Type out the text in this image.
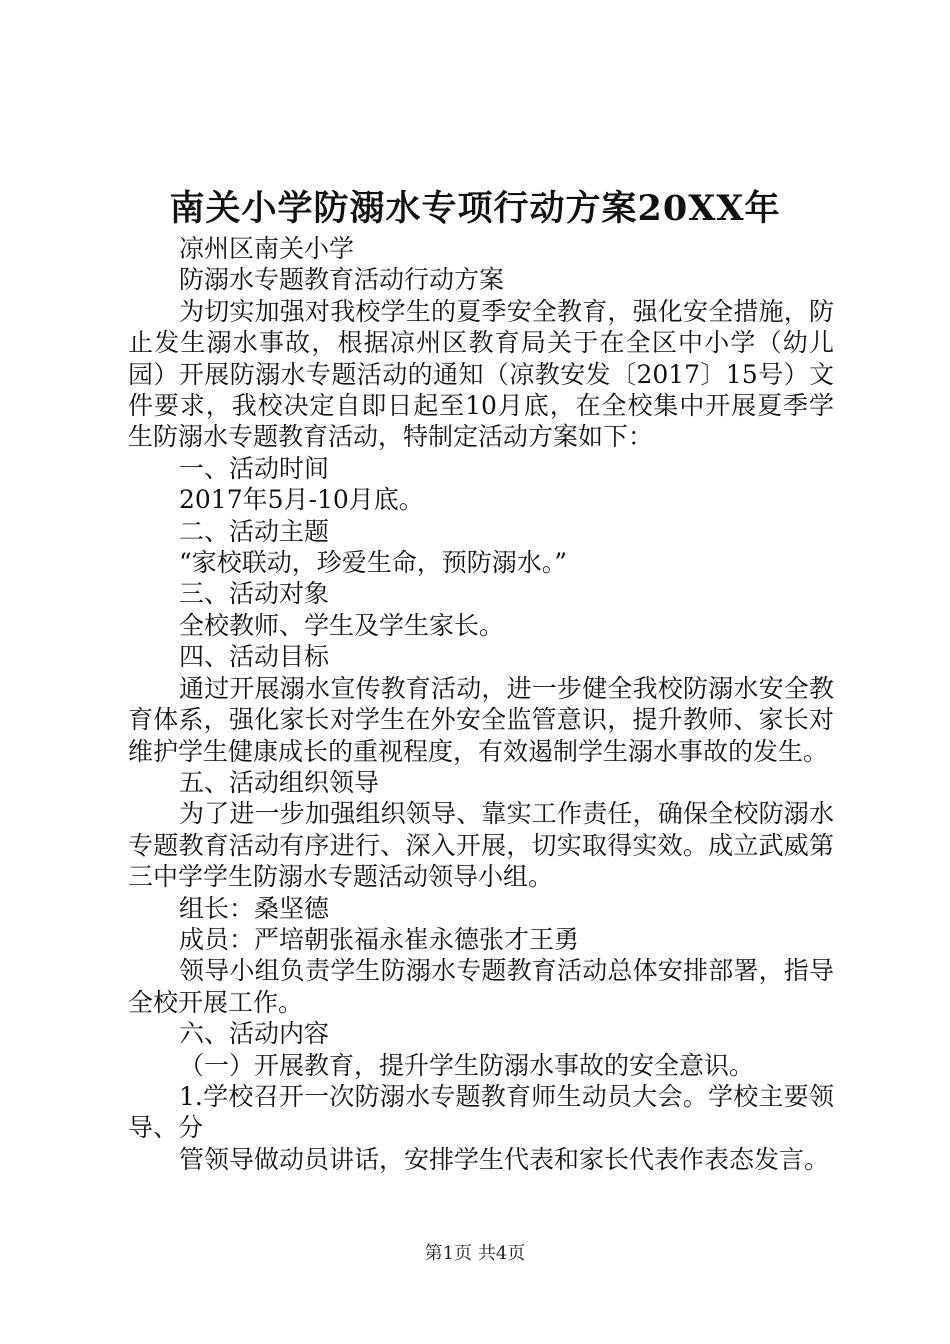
南关小学防溺水专项行动方案20XX年

凉州区南关小学

防溺水专题教育活动行动方案

为切实加强对我校学生的夏季安全教育，强化安全措施，防止发生溺水事故，根据凉州区教育局关于在全区中小学（幼儿园）开展防溺水专题活动的通知（凉教安发〔2017〕15号）文件要求，我校决定自即日起至10月底，在全校集中开展夏季学生防溺水专题教育活动，特制定活动方案如下：

一、活动时间

2017年5月-10月底。

二、活动主题

“家校联动，珍爱生命，预防溺水。”

三、活动对象

全校教师、学生及学生家长。

四、活动目标

通过开展溺水宣传教育活动，进一步健全我校防溺水安全教育体系，强化家长对学生在外安全监管意识，提升教师、家长对维护学生健康成长的重视程度，有效遏制学生溺水事故的发生。

五、活动组织领导

为了进一步加强组织领导、靠实工作责任，确保全校防溺水专题教育活动有序进行、深入开展，切实取得实效。成立武威第三中学学生防溺水专题活动领导小组。

组长：桑坚德

成员：严培朝张福永崔永德张才王勇

领导小组负责学生防溺水专题教育活动总体安排部署，指导全校开展工作。

六、活动内容

（一）开展教育，提升学生防溺水事故的安全意识。

1.学校召开一次防溺水专题教育师生动员大会。学校主要领导、分

管领导做动员讲话，安排学生代表和家长代表作表态发言。

第1页 共4页
